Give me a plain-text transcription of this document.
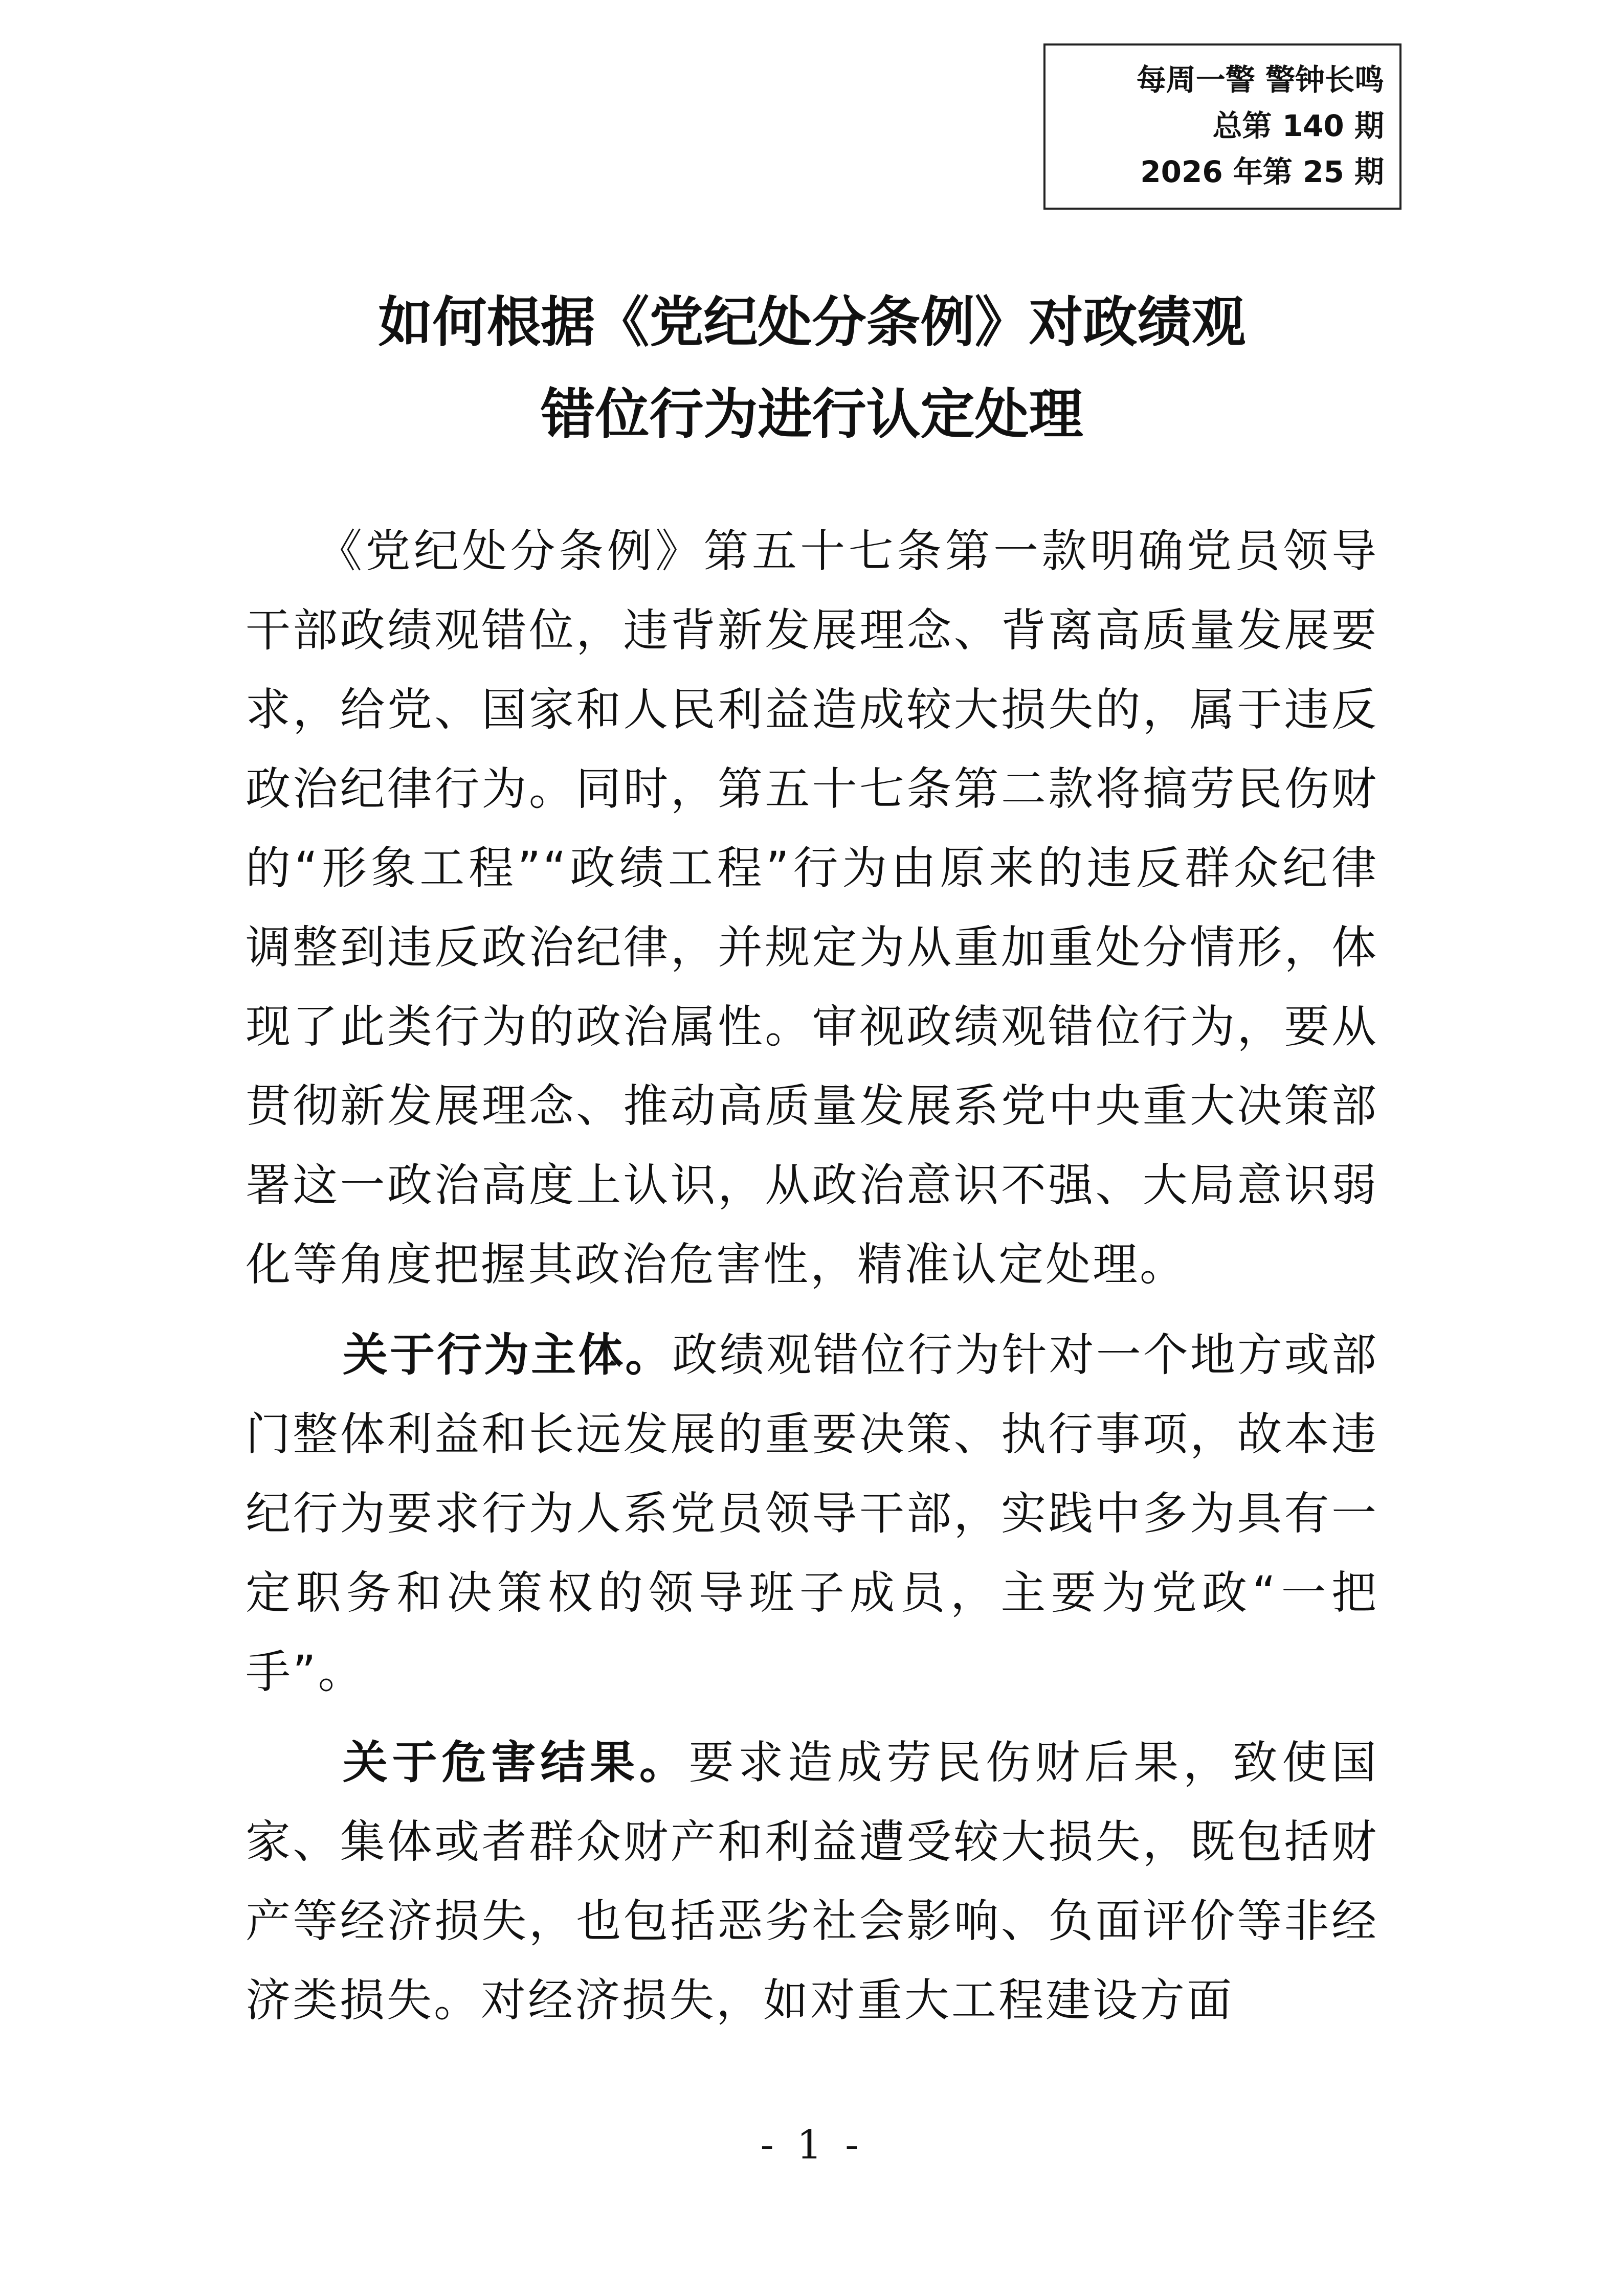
每周一警 警钟长鸣
总第 140 期
2026 年第 25 期
如何根据《党纪处分条例》对政绩观
错位行为进行认定处理

《党纪处分条例》第五十七条第一款明确党员领导干部政绩观错位，违背新发展理念、背离高质量发展要求，给党、国家和人民利益造成较大损失的，属于违反政治纪律行为。同时，第五十七条第二款将搞劳民伤财的“形象工程”“政绩工程”行为由原来的违反群众纪律调整到违反政治纪律，并规定为从重加重处分情形，体现了此类行为的政治属性。审视政绩观错位行为，要从贯彻新发展理念、推动高质量发展系党中央重大决策部署这一政治高度上认识，从政治意识不强、大局意识弱化等角度把握其政治危害性，精准认定处理。

关于行为主体。政绩观错位行为针对一个地方或部门整体利益和长远发展的重要决策、执行事项，故本违纪行为要求行为人系党员领导干部，实践中多为具有一定职务和决策权的领导班子成员，主要为党政“一把手”。

关于危害结果。要求造成劳民伤财后果，致使国家、集体或者群众财产和利益遭受较大损失，既包括财产等经济损失，也包括恶劣社会影响、负面评价等非经济类损失。对经济损失，如对重大工程建设方面

- 1 -
